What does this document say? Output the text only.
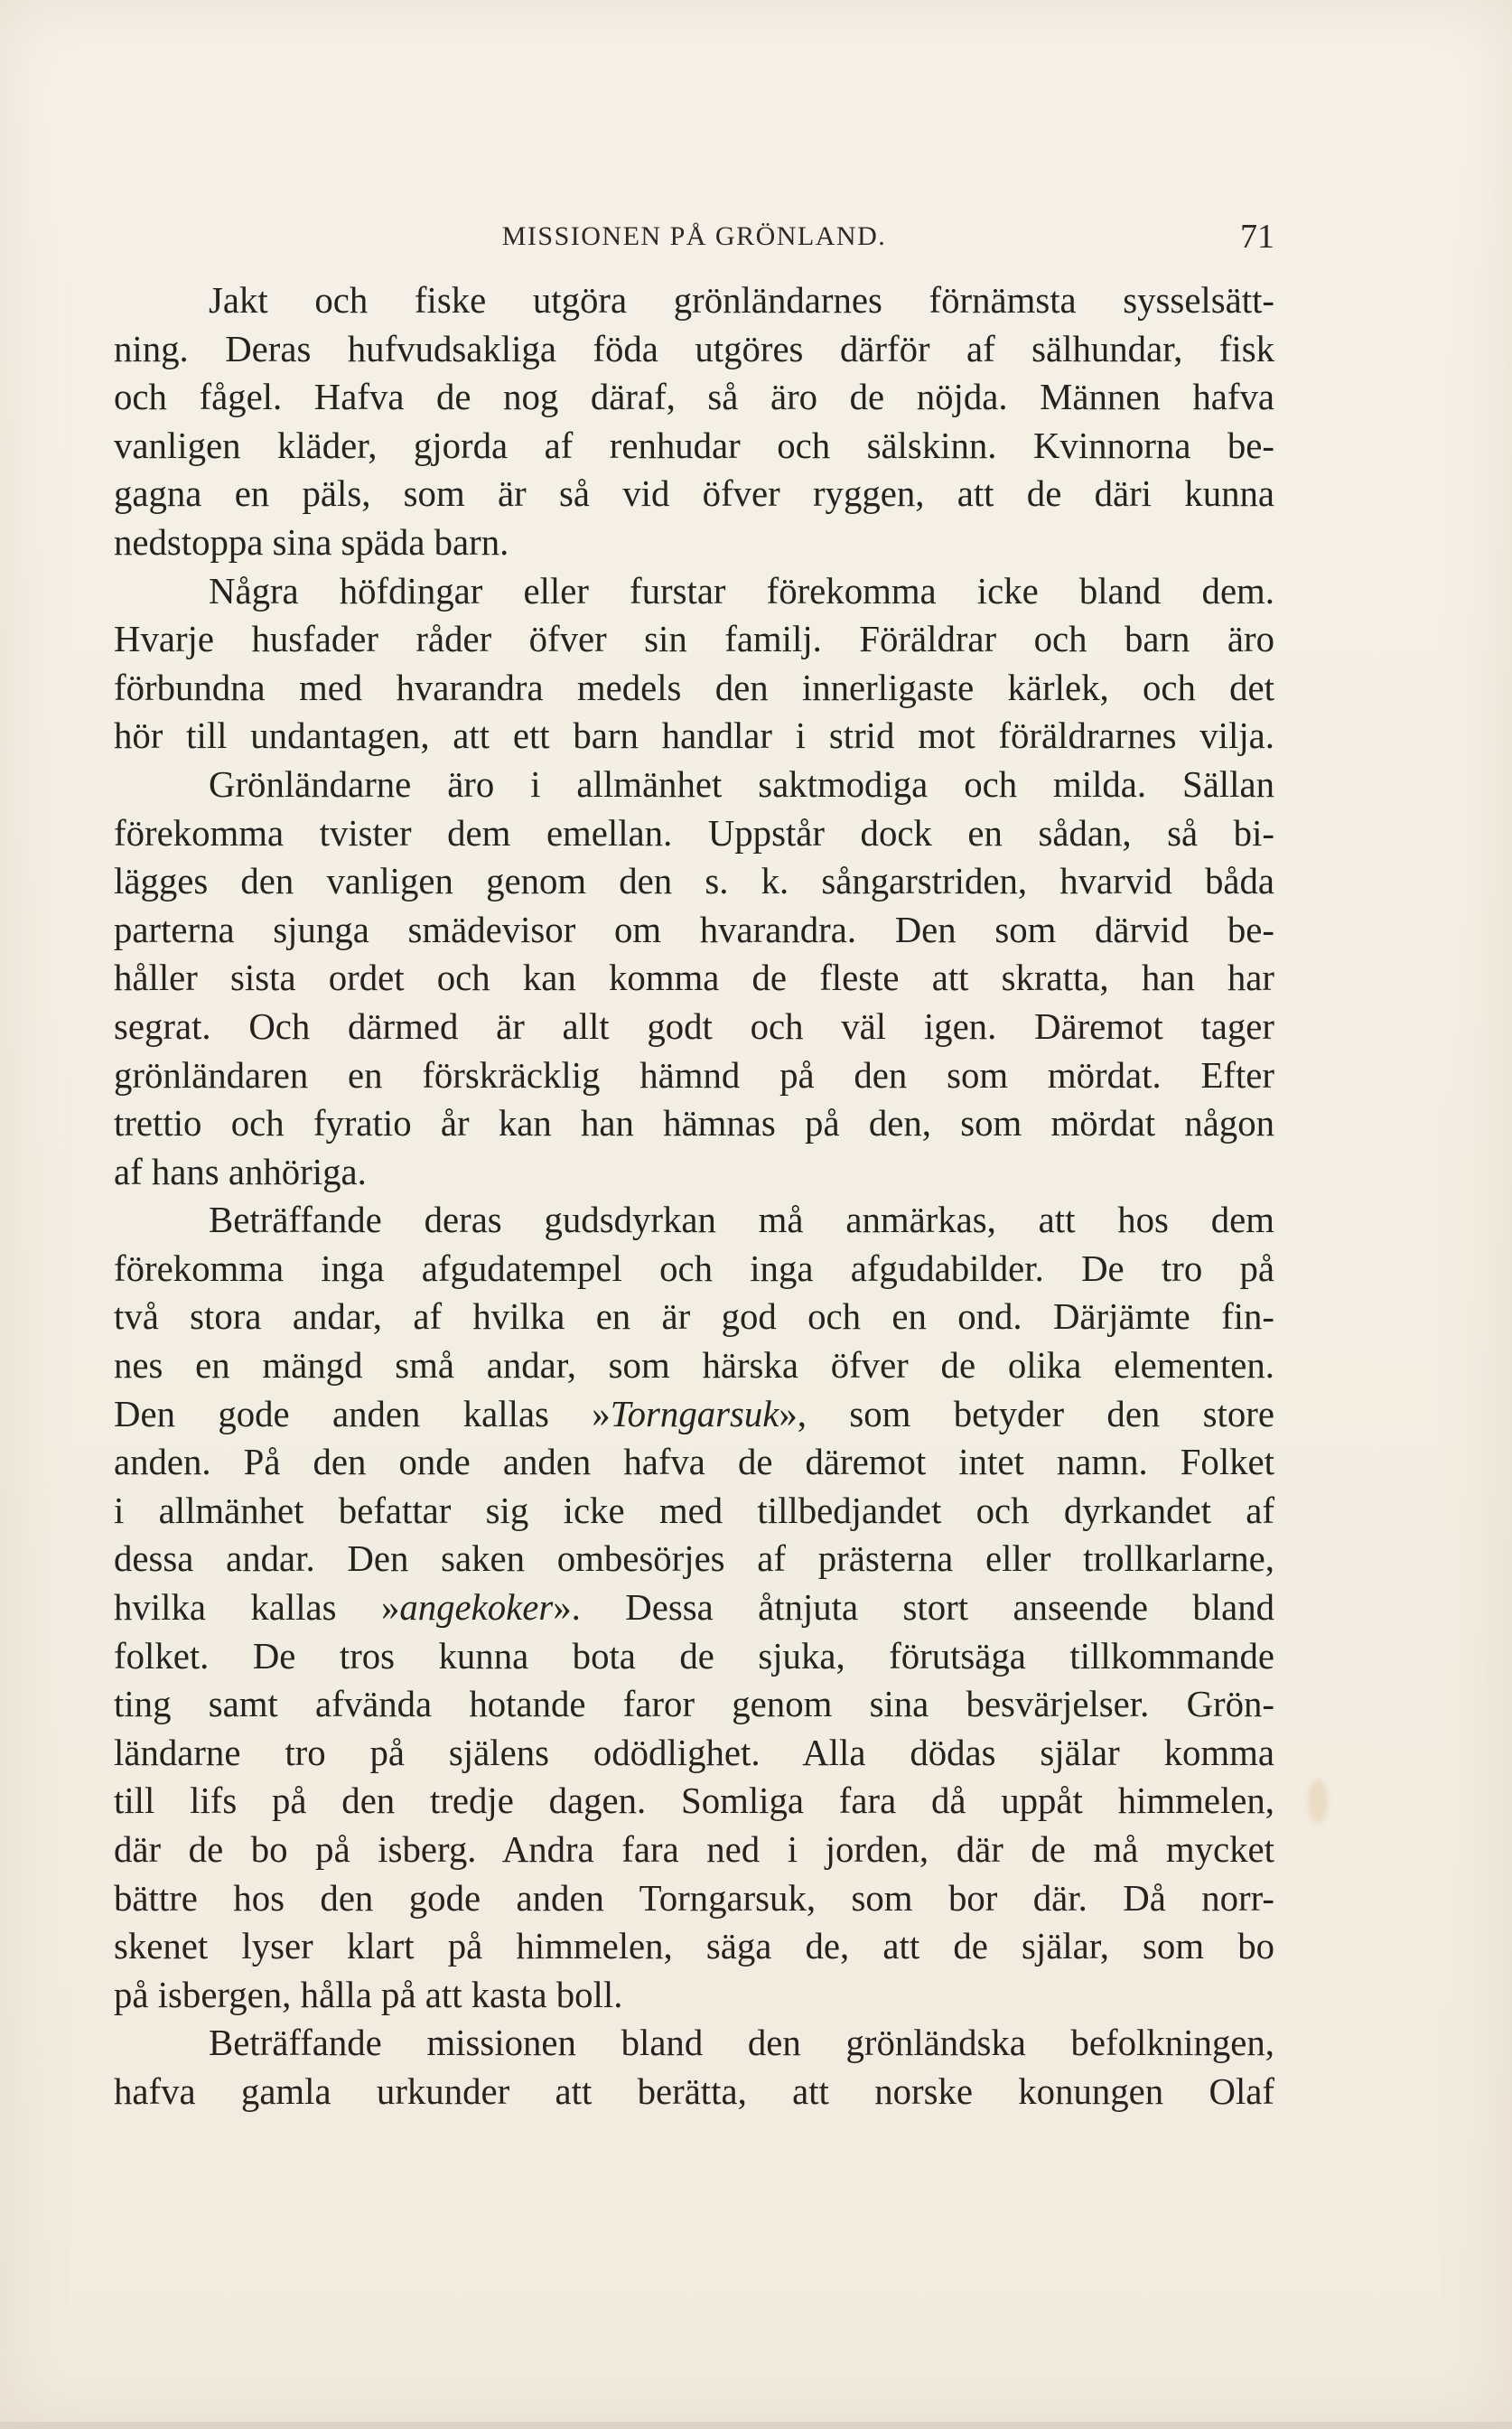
MISSIONEN PÅ GRÖNLAND.	71
Jakt och fiske utgöra grönländarnes förnämsta sysselsätt-
ning. Deras hufvudsakliga föda utgöres därför af sälhundar, fisk
och fågel. Hafva de nog däraf, så äro de nöjda. Männen hafva
vanligen kläder, gjorda af renhudar och sälskinn. Kvinnorna be-
gagna en päls, som är så vid öfver ryggen, att de däri kunna
nedstoppa sina späda barn.
Några höfdingar eller furstar förekomma icke bland dem.
Hvarje husfader råder öfver sin familj. Föräldrar och barn äro
förbundna med hvarandra medels den innerligaste kärlek, och det
hör till undantagen, att ett barn handlar i strid mot föräldrarnes vilja.
Grönländarne äro i allmänhet saktmodiga och milda. Sällan
förekomma tvister dem emellan. Uppstår dock en sådan, så bi-
lägges den vanligen genom den s. k. sångarstriden, hvarvid båda
parterna sjunga smädevisor om hvarandra. Den som därvid be-
håller sista ordet och kan komma de fleste att skratta, han har
segrat. Och därmed är allt godt och väl igen. Däremot tager
grönländaren en förskräcklig hämnd på den som mördat. Efter
trettio och fyratio år kan han hämnas på den, som mördat någon
af hans anhöriga.
Beträffande deras gudsdyrkan må anmärkas, att hos dem
förekomma inga afgudatempel och inga afgudabilder. De tro på
två stora andar, af hvilka en är god och en ond. Därjämte fin-
nes en mängd små andar, som härska öfver de olika elementen.
Den gode anden kallas »Torngarsuk», som betyder den store
anden. På den onde anden hafva de däremot intet namn. Folket
i allmänhet befattar sig icke med tillbedjandet och dyrkandet af
dessa andar. Den saken ombesörjes af prästerna eller trollkarlarne,
hvilka kallas »angekoker». Dessa åtnjuta stort anseende bland
folket. De tros kunna bota de sjuka, förutsäga tillkommande
ting samt afvända hotande faror genom sina besvärjelser. Grön-
ländarne tro på själens odödlighet. Alla dödas själar komma
till lifs på den tredje dagen. Somliga fara då uppåt himmelen,
där de bo på isberg. Andra fara ned i jorden, där de må mycket
bättre hos den gode anden Torngarsuk, som bor där. Då norr-
skenet lyser klart på himmelen, säga de, att de själar, som bo
på isbergen, hålla på att kasta boll.
Beträffande missionen bland den grönländska befolkningen,
hafva gamla urkunder att berätta, att norske konungen Olaf
